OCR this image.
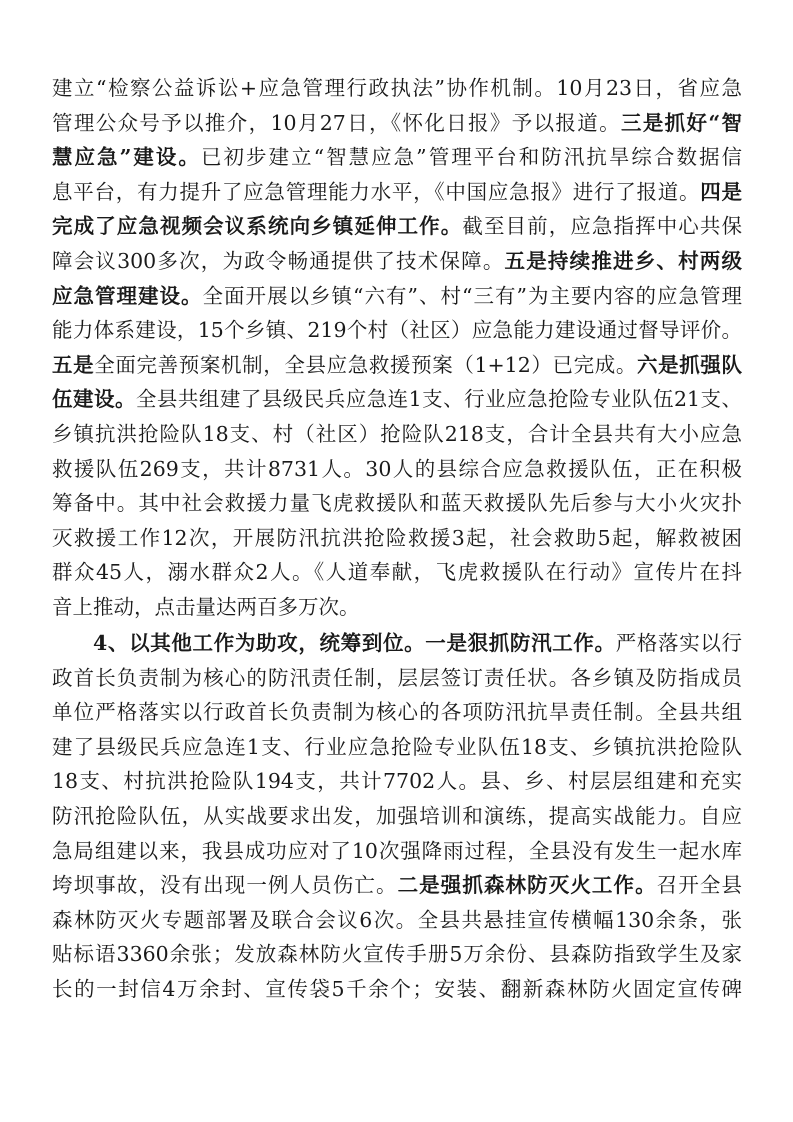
建立“检察公益诉讼+应急管理行政执法”协作机制。10月23日，省应急
管理公众号予以推介，10月27日，《怀化日报》予以报道。三是抓好“智
慧应急”建设。已初步建立“智慧应急”管理平台和防汛抗旱综合数据信
息平台，有力提升了应急管理能力水平，《中国应急报》进行了报道。四是
完成了应急视频会议系统向乡镇延伸工作。截至目前，应急指挥中心共保
障会议300多次，为政令畅通提供了技术保障。五是持续推进乡、村两级
应急管理建设。全面开展以乡镇“六有”、村“三有”为主要内容的应急管理
能力体系建设，15个乡镇、219个村（社区）应急能力建设通过督导评价。
五是全面完善预案机制，全县应急救援预案（1+12）已完成。六是抓强队
伍建设。全县共组建了县级民兵应急连1支、行业应急抢险专业队伍21支、
乡镇抗洪抢险队18支、村（社区）抢险队218支，合计全县共有大小应急
救援队伍269支，共计8731人。30人的县综合应急救援队伍，正在积极
筹备中。其中社会救援力量飞虎救援队和蓝天救援队先后参与大小火灾扑
灭救援工作12次，开展防汛抗洪抢险救援3起，社会救助5起，解救被困
群众45人，溺水群众2人。《人道奉献，飞虎救援队在行动》宣传片在抖
音上推动，点击量达两百多万次。
4、以其他工作为助攻，统筹到位。一是狠抓防汛工作。严格落实以行
政首长负责制为核心的防汛责任制，层层签订责任状。各乡镇及防指成员
单位严格落实以行政首长负责制为核心的各项防汛抗旱责任制。全县共组
建了县级民兵应急连1支、行业应急抢险专业队伍18支、乡镇抗洪抢险队
18支、村抗洪抢险队194支，共计7702人。县、乡、村层层组建和充实
防汛抢险队伍，从实战要求出发，加强培训和演练，提高实战能力。自应
急局组建以来，我县成功应对了10次强降雨过程，全县没有发生一起水库
垮坝事故，没有出现一例人员伤亡。二是强抓森林防灭火工作。召开全县
森林防灭火专题部署及联合会议6次。全县共悬挂宣传横幅130余条，张
贴标语3360余张；发放森林防火宣传手册5万余份、县森防指致学生及家
长的一封信4万余封、宣传袋5千余个；安装、翻新森林防火固定宣传碑
